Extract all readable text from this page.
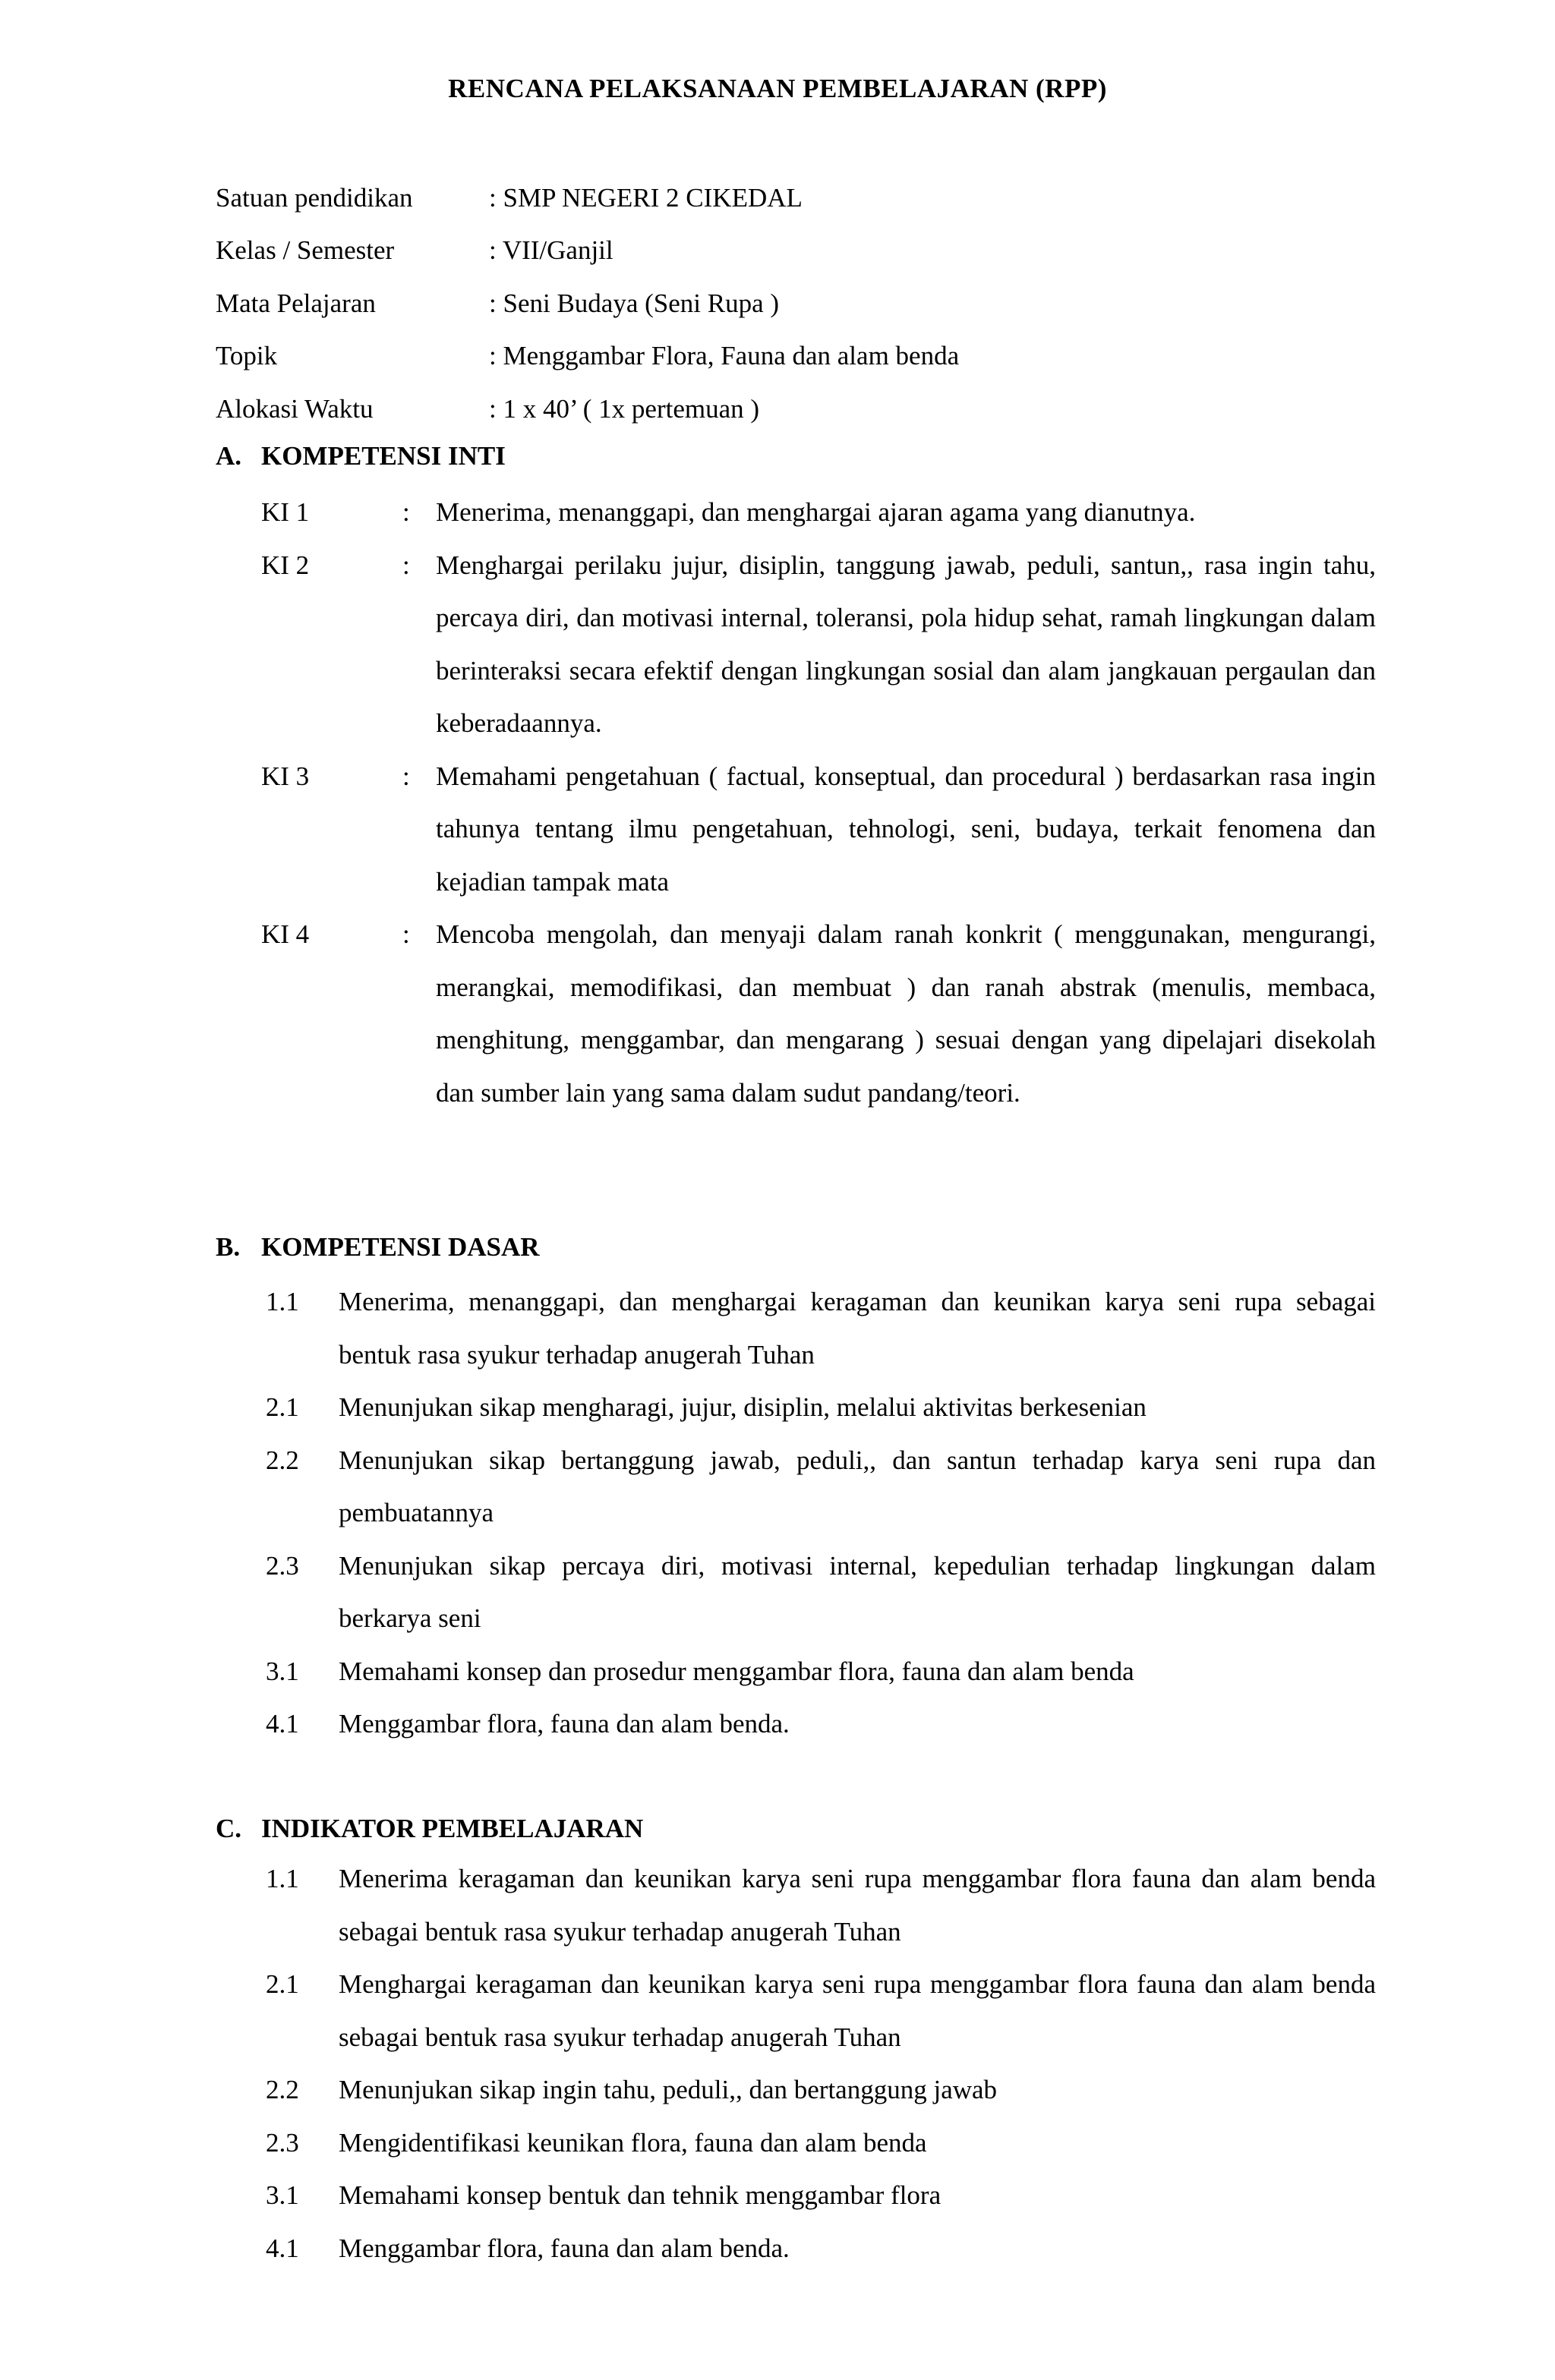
RENCANA PELAKSANAAN PEMBELAJARAN (RPP)
Satuan pendidikan	: SMP NEGERI 2 CIKEDAL
Kelas / Semester	: VII/Ganjil
Mata Pelajaran	: Seni Budaya (Seni Rupa )
Topik	: Menggambar Flora, Fauna dan alam benda
Alokasi Waktu	: 1 x 40’ ( 1x pertemuan )
A. KOMPETENSI INTI
KI 1	: Menerima, menanggapi, dan menghargai ajaran agama yang dianutnya.
KI 2	: Menghargai perilaku jujur, disiplin, tanggung jawab, peduli, santun,, rasa ingin tahu, percaya diri, dan motivasi internal, toleransi, pola hidup sehat, ramah lingkungan dalam berinteraksi secara efektif dengan lingkungan sosial dan alam jangkauan pergaulan dan keberadaannya.
KI 3	: Memahami pengetahuan ( factual, konseptual, dan procedural ) berdasarkan rasa ingin tahunya tentang ilmu pengetahuan, tehnologi, seni, budaya, terkait fenomena dan kejadian tampak mata
KI 4	: Mencoba mengolah, dan menyaji dalam ranah konkrit ( menggunakan, mengurangi, merangkai, memodifikasi, dan membuat ) dan ranah abstrak (menulis, membaca, menghitung, menggambar, dan mengarang ) sesuai dengan yang dipelajari disekolah dan sumber lain yang sama dalam sudut pandang/teori.
B. KOMPETENSI DASAR
1.1	Menerima, menanggapi, dan menghargai keragaman dan keunikan karya seni rupa sebagai bentuk rasa syukur terhadap anugerah Tuhan
2.1	Menunjukan sikap mengharagi, jujur, disiplin, melalui aktivitas berkesenian
2.2	Menunjukan sikap bertanggung jawab, peduli,, dan santun terhadap karya seni rupa dan pembuatannya
2.3	Menunjukan sikap percaya diri, motivasi internal, kepedulian terhadap lingkungan dalam berkarya seni
3.1	Memahami konsep dan prosedur menggambar flora, fauna dan alam benda
4.1	Menggambar flora, fauna dan alam benda.
C. INDIKATOR PEMBELAJARAN
1.1	Menerima keragaman dan keunikan karya seni rupa menggambar flora fauna dan alam benda sebagai bentuk rasa syukur terhadap anugerah Tuhan
2.1	Menghargai keragaman dan keunikan karya seni rupa menggambar flora fauna dan alam benda sebagai bentuk rasa syukur terhadap anugerah Tuhan
2.2	Menunjukan sikap ingin tahu, peduli,, dan bertanggung jawab
2.3	Mengidentifikasi keunikan flora, fauna dan alam benda
3.1	Memahami konsep bentuk dan tehnik menggambar flora
4.1	Menggambar flora, fauna dan alam benda.
